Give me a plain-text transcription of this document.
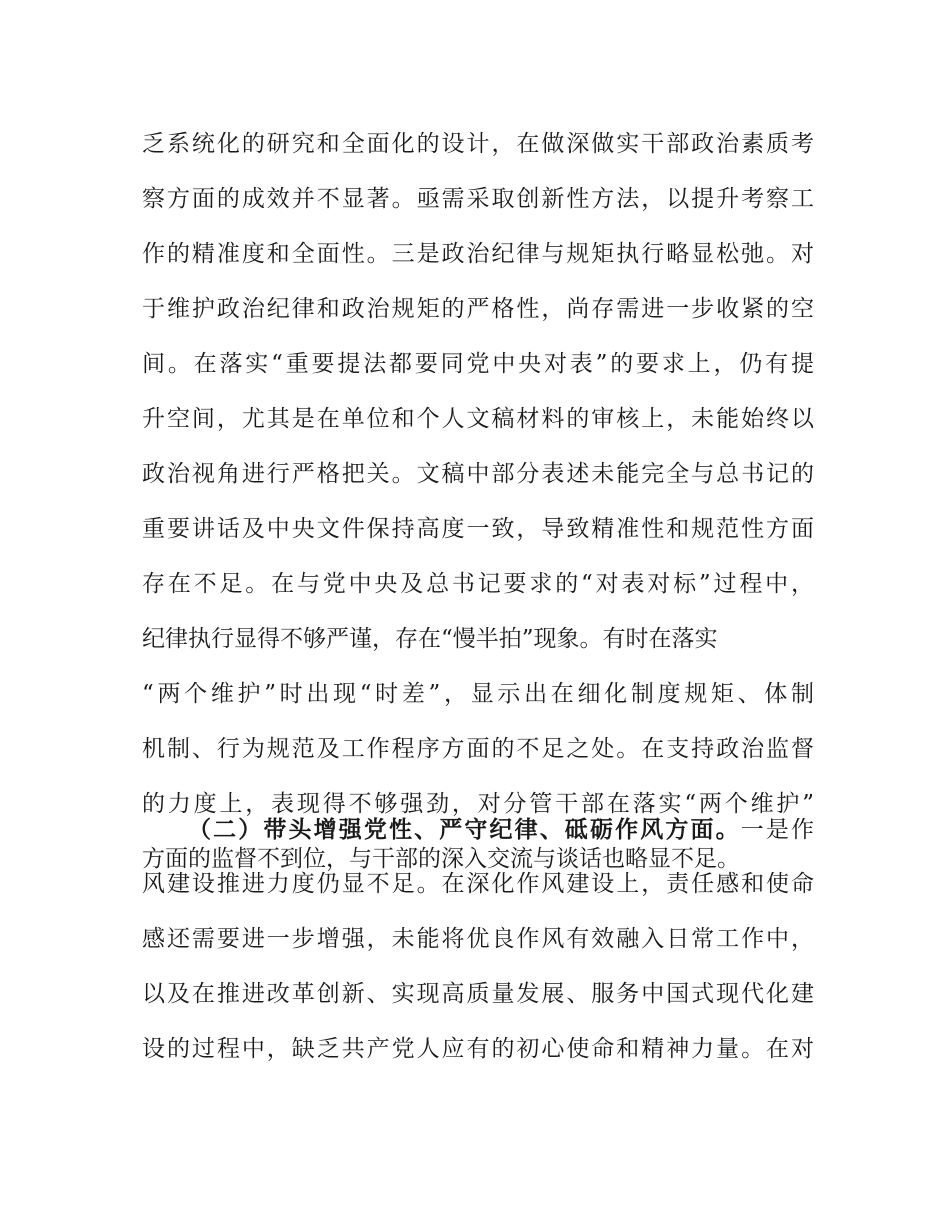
乏系统化的研究和全面化的设计，在做深做实干部政治素质考
察方面的成效并不显著。亟需采取创新性方法，以提升考察工
作的精准度和全面性。三是政治纪律与规矩执行略显松弛。对
于维护政治纪律和政治规矩的严格性，尚存需进一步收紧的空
间。在落实“重要提法都要同党中央对表”的要求上，仍有提
升空间，尤其是在单位和个人文稿材料的审核上，未能始终以
政治视角进行严格把关。文稿中部分表述未能完全与总书记的
重要讲话及中央文件保持高度一致，导致精准性和规范性方面
存在不足。在与党中央及总书记要求的“对表对标”过程中，
纪律执行显得不够严谨，存在“慢半拍”现象。有时在落实
“两个维护”时出现“时差”，显示出在细化制度规矩、体制
机制、行为规范及工作程序方面的不足之处。在支持政治监督
的力度上，表现得不够强劲，对分管干部在落实“两个维护”
方面的监督不到位，与干部的深入交流与谈话也略显不足。
（二）带头增强党性、严守纪律、砥砺作风方面。一是作
风建设推进力度仍显不足。在深化作风建设上，责任感和使命
感还需要进一步增强，未能将优良作风有效融入日常工作中，
以及在推进改革创新、实现高质量发展、服务中国式现代化建
设的过程中，缺乏共产党人应有的初心使命和精神力量。在对
